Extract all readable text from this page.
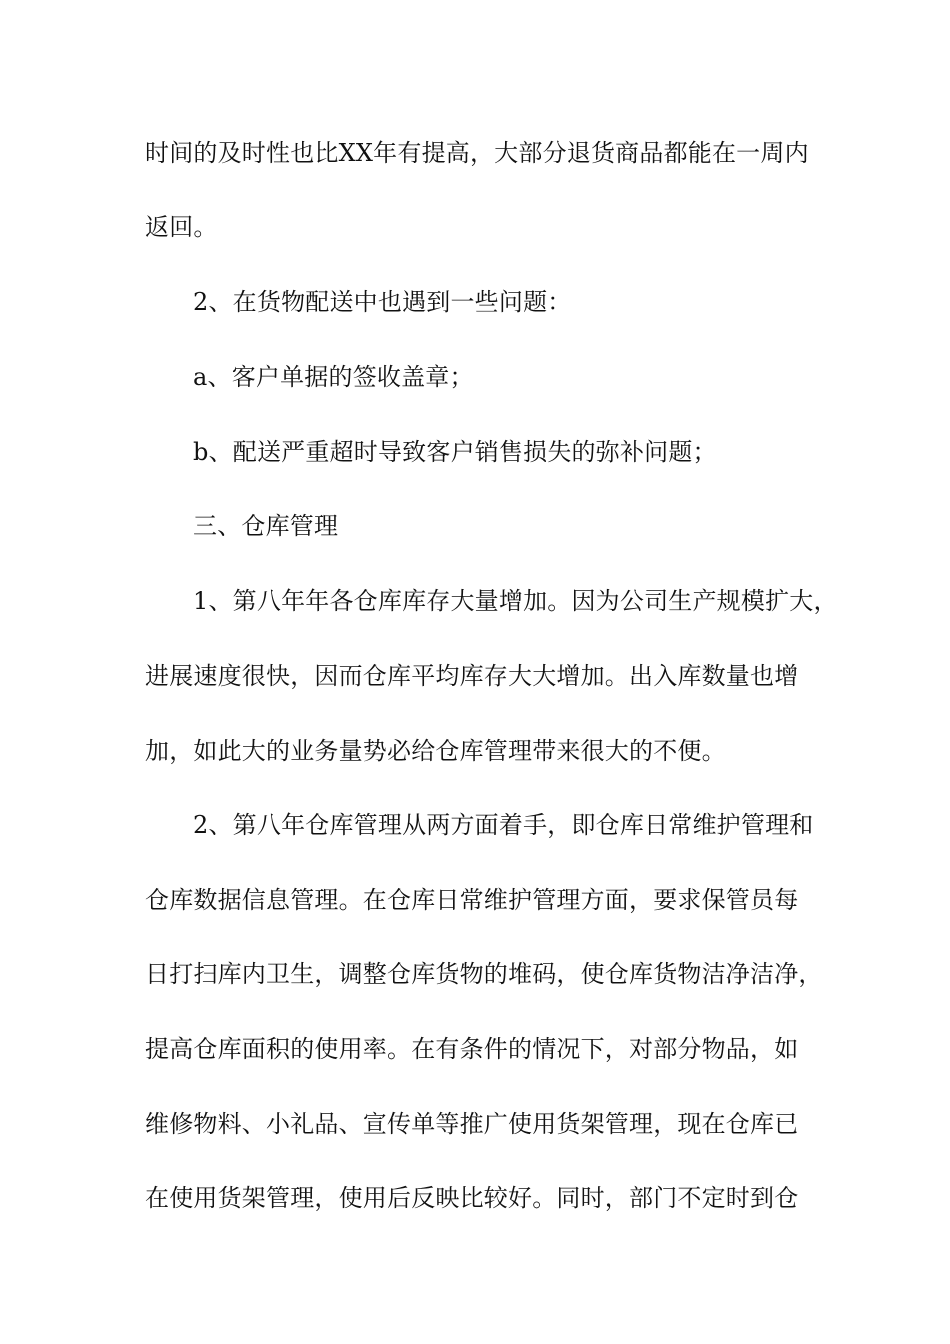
时间的及时性也比XX年有提高，大部分退货商品都能在一周内
返回。
2、在货物配送中也遇到一些问题：
a、客户单据的签收盖章；
b、配送严重超时导致客户销售损失的弥补问题；
三、仓库管理
1、第八年年各仓库库存大量增加。因为公司生产规模扩大，
进展速度很快，因而仓库平均库存大大增加。出入库数量也增
加，如此大的业务量势必给仓库管理带来很大的不便。
2、第八年仓库管理从两方面着手，即仓库日常维护管理和
仓库数据信息管理。在仓库日常维护管理方面，要求保管员每
日打扫库内卫生，调整仓库货物的堆码，使仓库货物洁净洁净，
提高仓库面积的使用率。在有条件的情况下，对部分物品，如
维修物料、小礼品、宣传单等推广使用货架管理，现在仓库已
在使用货架管理，使用后反映比较好。同时，部门不定时到仓
